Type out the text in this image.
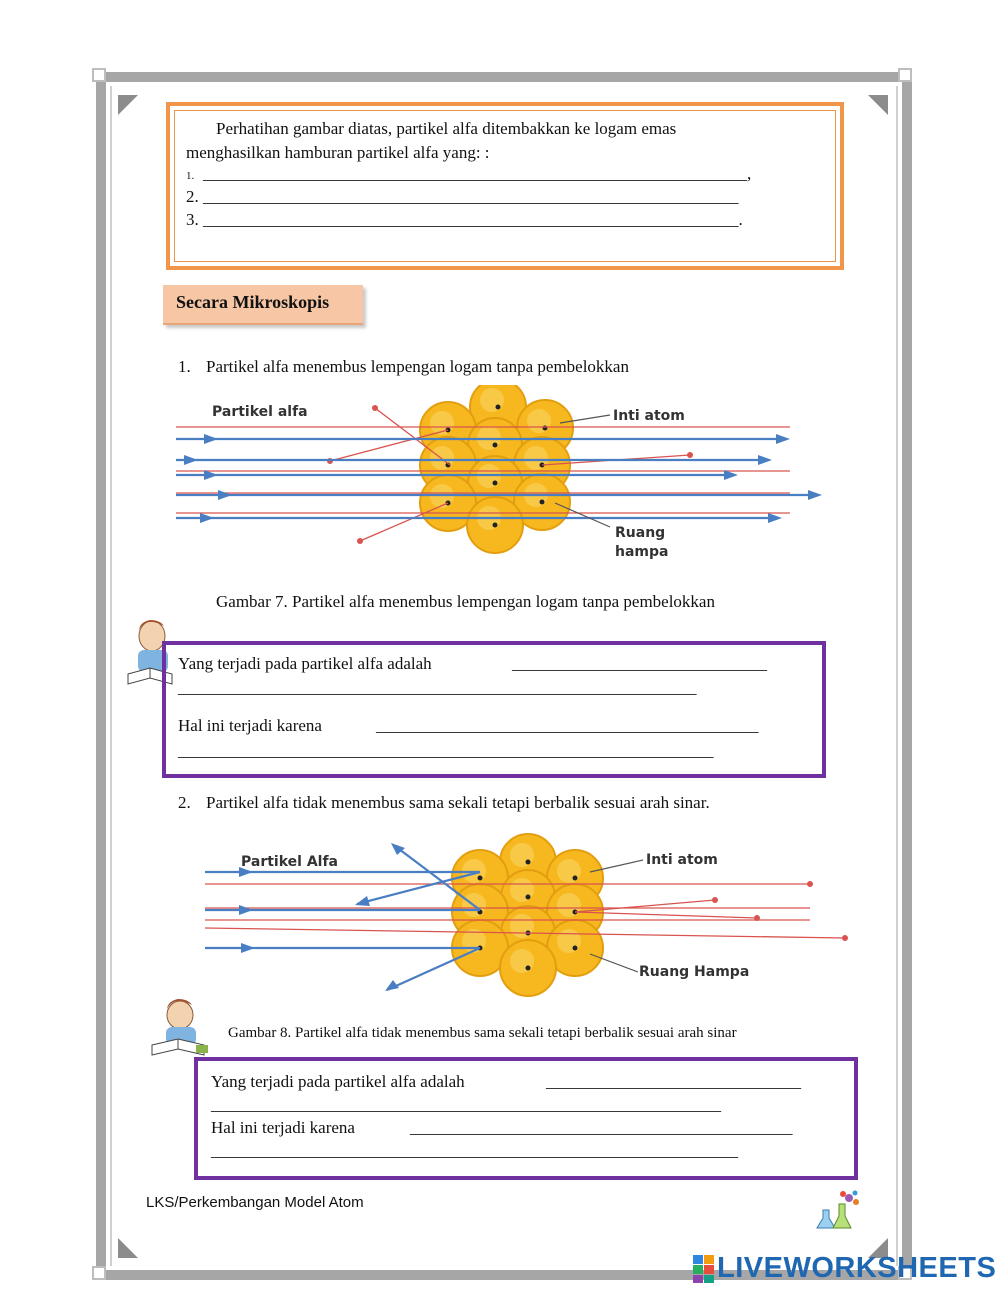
Perhatihan gambar diatas, partikel alfa ditembakkan ke logam emas
menghasilkan hamburan partikel alfa yang: :
1. ________________________________________________________________,
2. _______________________________________________________________
3. _______________________________________________________________.
Secara Mikroskopis
1. Partikel alfa menembus lempengan logam tanpa pembelokkan
Partikel alfa	Inti atom
Ruang
hampa
Gambar 7. Partikel alfa menembus lempengan logam tanpa pembelokkan
Yang terjadi pada partikel alfa adalah	______________________________
_____________________________________________________________
Hal ini terjadi karena	_____________________________________________
_______________________________________________________________
2. Partikel alfa tidak menembus sama sekali tetapi berbalik sesuai arah sinar.
Partikel Alfa	Inti atom
Ruang Hampa
Gambar 8. Partikel alfa tidak menembus sama sekali tetapi berbalik sesuai arah sinar
Yang terjadi pada partikel alfa adalah	______________________________
____________________________________________________________
Hal ini terjadi karena	_____________________________________________
______________________________________________________________
LKS/Perkembangan Model Atom
LIVEWORKSHEETS
